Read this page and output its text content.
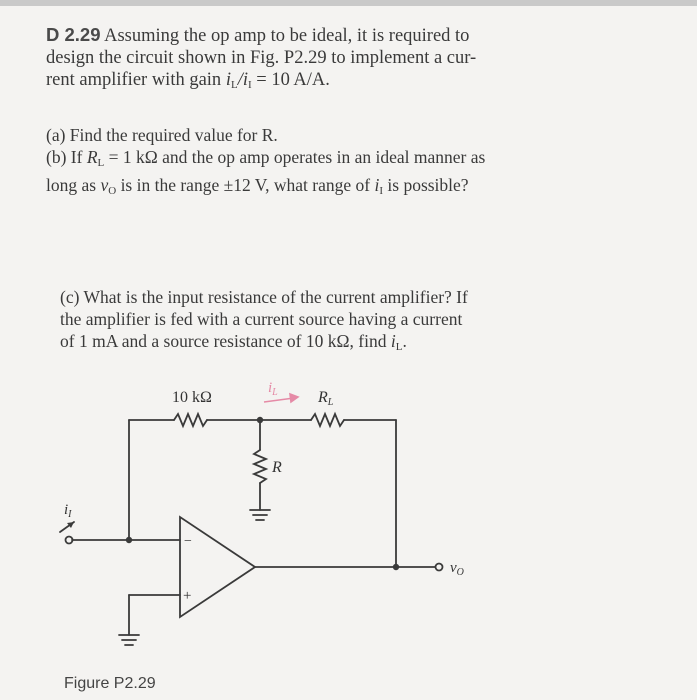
D 2.29 Assuming the op amp to be ideal, it is required to
design the circuit shown in Fig. P2.29 to implement a cur-
rent amplifier with gain $i_L/i_I = 10$ A/A.
(a) Find the required value for R.
(b) If $R_L = 1$ kΩ and the op amp operates in an ideal manner as
long as $v_O$ is in the range ±12 V, what range of $i_I$ is possible?
(c) What is the input resistance of the current amplifier? If
the amplifier is fed with a current source having a current
of 1 mA and a source resistance of 10 kΩ, find $i_L$.
10 kΩ
$i_L$	RL
R
$i_I$
$v_O$
−
+
Figure P2.29
